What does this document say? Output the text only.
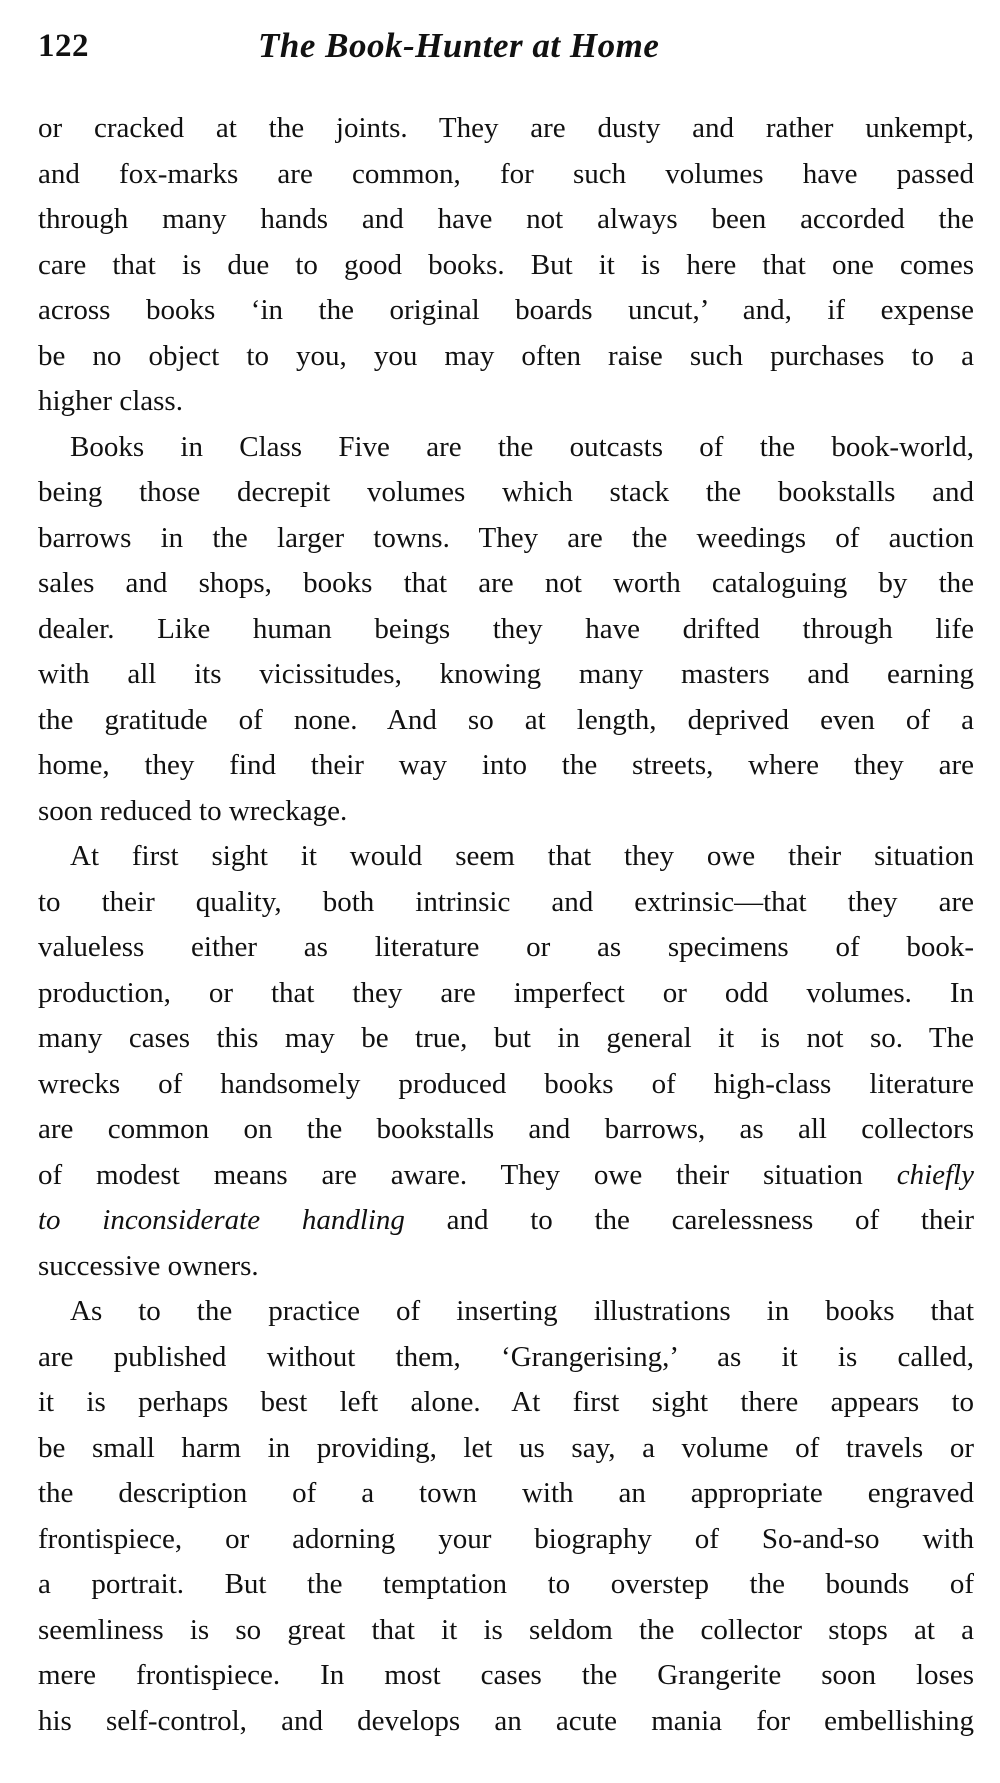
122	The Book-Hunter at Home
or cracked at the joints. They are dusty and rather unkempt,
and fox-marks are common, for such volumes have passed
through many hands and have not always been accorded the
care that is due to good books. But it is here that one comes
across books ‘in the original boards uncut,’ and, if expense
be no object to you, you may often raise such purchases to a
higher class.
Books in Class Five are the outcasts of the book-world,
being those decrepit volumes which stack the bookstalls and
barrows in the larger towns. They are the weedings of auction
sales and shops, books that are not worth cataloguing by the
dealer. Like human beings they have drifted through life
with all its vicissitudes, knowing many masters and earning
the gratitude of none. And so at length, deprived even of a
home, they find their way into the streets, where they are
soon reduced to wreckage.
At first sight it would seem that they owe their situation
to their quality, both intrinsic and extrinsic—that they are
valueless either as literature or as specimens of book-
production, or that they are imperfect or odd volumes. In
many cases this may be true, but in general it is not so. The
wrecks of handsomely produced books of high-class literature
are common on the bookstalls and barrows, as all collectors
of modest means are aware. They owe their situation chiefly
to inconsiderate handling and to the carelessness of their
successive owners.
As to the practice of inserting illustrations in books that
are published without them, ‘Grangerising,’ as it is called,
it is perhaps best left alone. At first sight there appears to
be small harm in providing, let us say, a volume of travels or
the description of a town with an appropriate engraved
frontispiece, or adorning your biography of So-and-so with
a portrait. But the temptation to overstep the bounds of
seemliness is so great that it is seldom the collector stops at a
mere frontispiece. In most cases the Grangerite soon loses
his self-control, and develops an acute mania for embellishing
